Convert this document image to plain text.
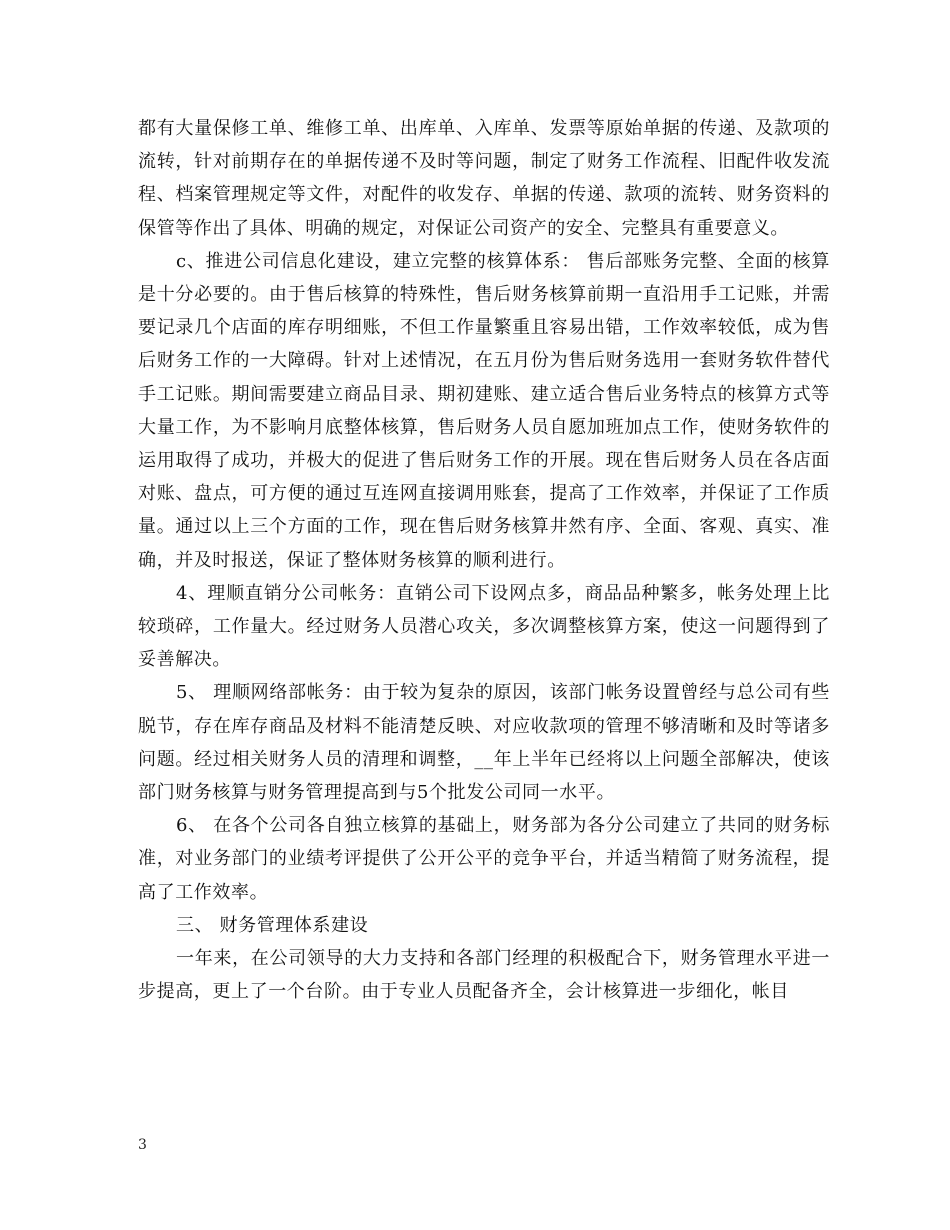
都有大量保修工单、维修工单、出库单、入库单、发票等原始单据的传递、及款项的流转，针对前期存在的单据传递不及时等问题，制定了财务工作流程、旧配件收发流程、档案管理规定等文件，对配件的收发存、单据的传递、款项的流转、财务资料的保管等作出了具体、明确的规定，对保证公司资产的安全、完整具有重要意义。

c、推进公司信息化建设，建立完整的核算体系： 售后部账务完整、全面的核算是十分必要的。由于售后核算的特殊性，售后财务核算前期一直沿用手工记账，并需要记录几个店面的库存明细账，不但工作量繁重且容易出错，工作效率较低，成为售后财务工作的一大障碍。针对上述情况，在五月份为售后财务选用一套财务软件替代手工记账。期间需要建立商品目录、期初建账、建立适合售后业务特点的核算方式等大量工作，为不影响月底整体核算，售后财务人员自愿加班加点工作，使财务软件的运用取得了成功，并极大的促进了售后财务工作的开展。现在售后财务人员在各店面对账、盘点，可方便的通过互连网直接调用账套，提高了工作效率，并保证了工作质量。通过以上三个方面的工作，现在售后财务核算井然有序、全面、客观、真实、准确，并及时报送，保证了整体财务核算的顺利进行。

4、理顺直销分公司帐务：直销公司下设网点多，商品品种繁多，帐务处理上比较琐碎，工作量大。经过财务人员潜心攻关，多次调整核算方案，使这一问题得到了妥善解决。

5、 理顺网络部帐务：由于较为复杂的原因，该部门帐务设置曾经与总公司有些脱节，存在库存商品及材料不能清楚反映、对应收款项的管理不够清晰和及时等诸多问题。经过相关财务人员的清理和调整，__年上半年已经将以上问题全部解决，使该部门财务核算与财务管理提高到与5个批发公司同一水平。

6、 在各个公司各自独立核算的基础上，财务部为各分公司建立了共同的财务标准，对业务部门的业绩考评提供了公开公平的竞争平台，并适当精简了财务流程，提高了工作效率。

三、 财务管理体系建设

一年来，在公司领导的大力支持和各部门经理的积极配合下，财务管理水平进一步提高，更上了一个台阶。由于专业人员配备齐全，会计核算进一步细化，帐目

3
